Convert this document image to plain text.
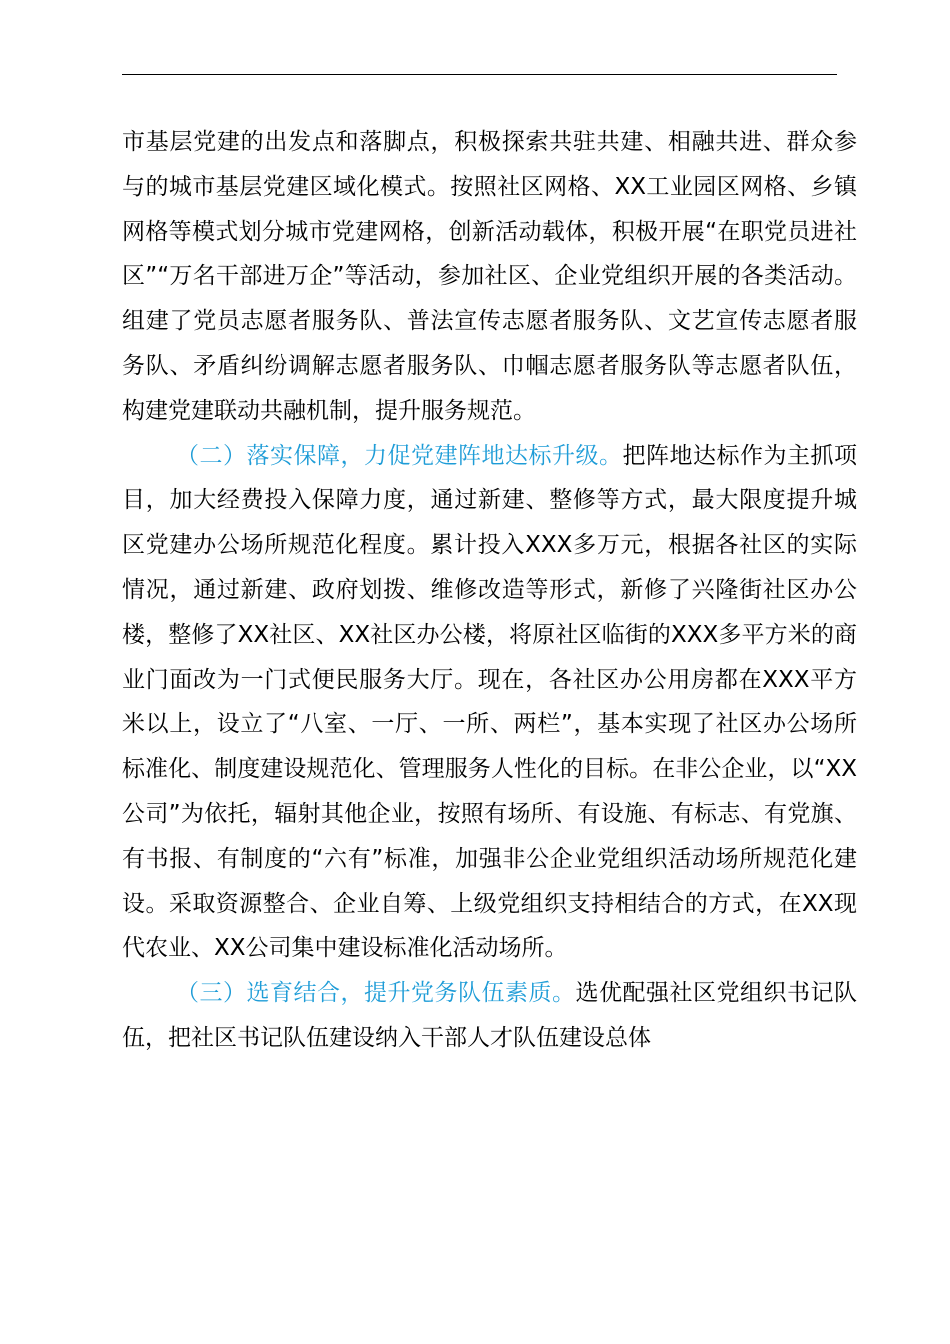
市基层党建的出发点和落脚点，积极探索共驻共建、相融共进、群众参与的城市基层党建区域化模式。按照社区网格、XX工业园区网格、乡镇网格等模式划分城市党建网格，创新活动载体，积极开展“在职党员进社区”“万名干部进万企”等活动，参加社区、企业党组织开展的各类活动。组建了党员志愿者服务队、普法宣传志愿者服务队、文艺宣传志愿者服务队、矛盾纠纷调解志愿者服务队、巾帼志愿者服务队等志愿者队伍，构建党建联动共融机制，提升服务规范。

（二）落实保障，力促党建阵地达标升级。把阵地达标作为主抓项目，加大经费投入保障力度，通过新建、整修等方式，最大限度提升城区党建办公场所规范化程度。累计投入XXX多万元，根据各社区的实际情况，通过新建、政府划拨、维修改造等形式，新修了兴隆街社区办公楼，整修了XX社区、XX社区办公楼，将原社区临街的XXX多平方米的商业门面改为一门式便民服务大厅。现在，各社区办公用房都在XXX平方米以上，设立了“八室、一厅、一所、两栏”，基本实现了社区办公场所标准化、制度建设规范化、管理服务人性化的目标。在非公企业，以“XX公司”为依托，辐射其他企业，按照有场所、有设施、有标志、有党旗、有书报、有制度的“六有”标准，加强非公企业党组织活动场所规范化建设。采取资源整合、企业自筹、上级党组织支持相结合的方式，在XX现代农业、XX公司集中建设标准化活动场所。

（三）选育结合，提升党务队伍素质。选优配强社区党组织书记队伍，把社区书记队伍建设纳入干部人才队伍建设总体
